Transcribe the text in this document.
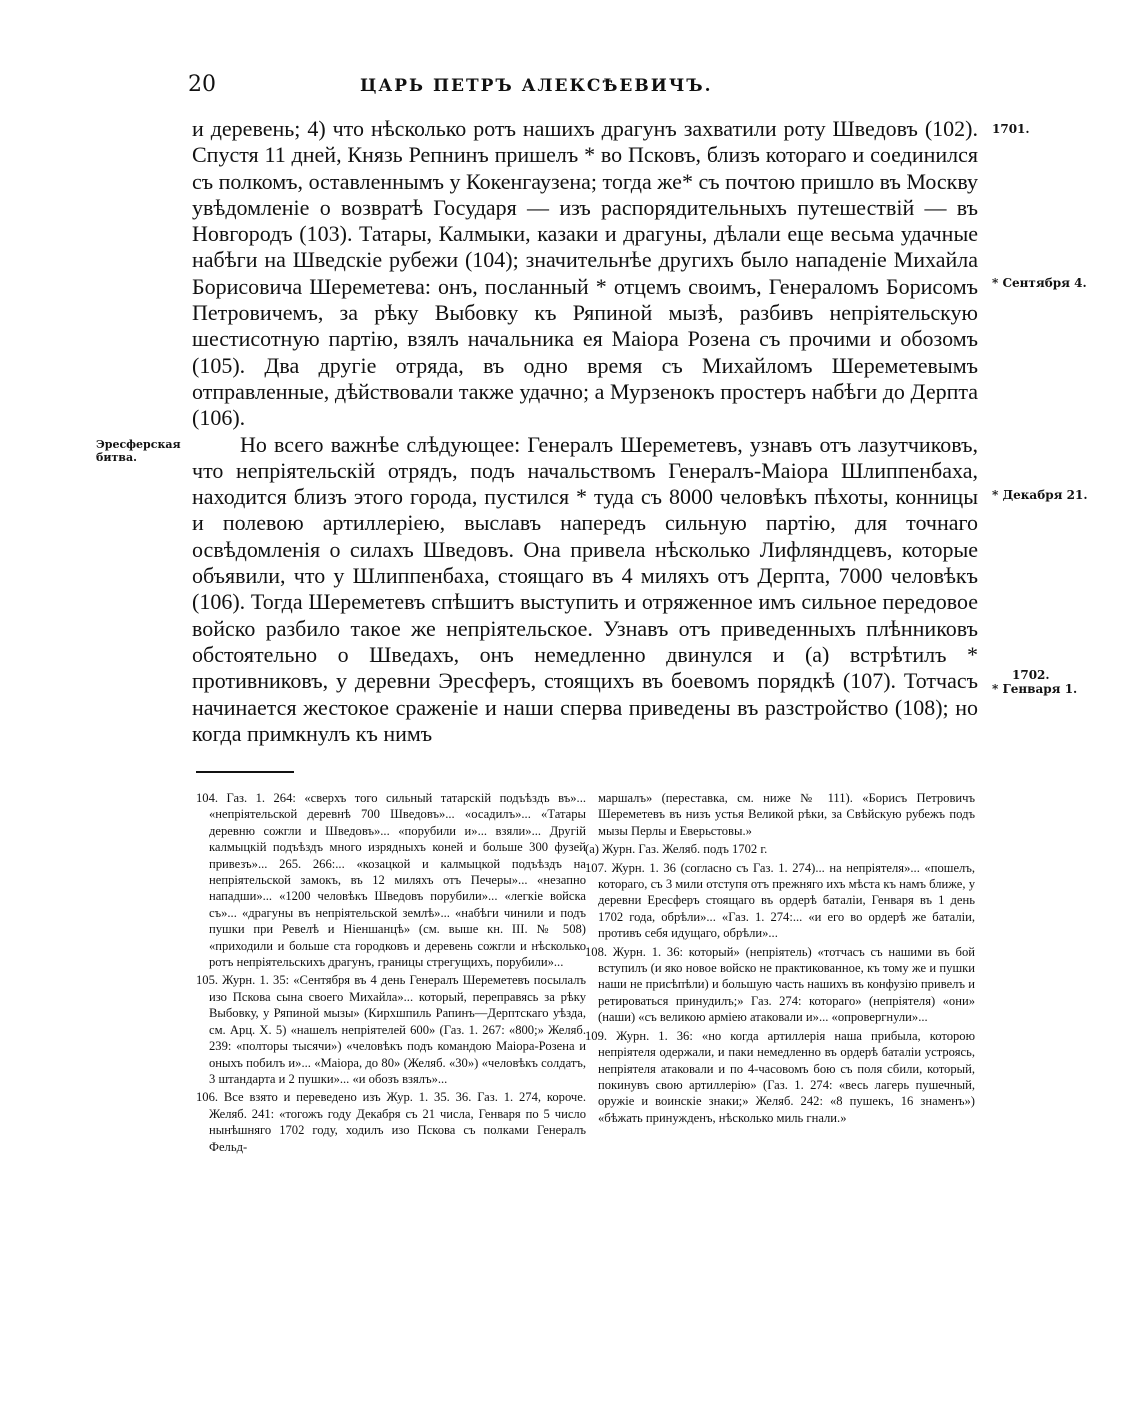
20	ЦАРЬ ПЕТРЪ АЛЕКСѢЕВИЧЪ.
1701.
* Сентября 4.
Эресферская битва.
* Декабря 21.
1702.
* Генваря 1.

и деревень; 4) что нѣсколько ротъ нашихъ драгунъ захватили роту Шведовъ (102). Спустя 11 дней, Князь Репнинъ пришелъ * во Псковъ, близъ котораго и соединился съ полкомъ, оставленнымъ у Кокенгаузена; тогда же* съ почтою пришло въ Москву увѣдомленіе о возвратѣ Государя — изъ распорядительныхъ путешествій — въ Новгородъ (103). Татары, Калмыки, казаки и драгуны, дѣлали еще весьма удачные набѣги на Шведскіе рубежи (104); значительнѣе другихъ было нападеніе Михайла Борисовича Шереметева: онъ, посланный * отцемъ своимъ, Генераломъ Борисомъ Петровичемъ, за рѣку Выбовку къ Ряпиной мызѣ, разбивъ непріятельскую шестисотную партію, взялъ начальника ея Маіора Розена съ прочими и обозомъ (105). Два другіе отряда, въ одно время съ Михайломъ Шереметевымъ отправленные, дѣйствовали также удачно; а Мурзенокъ простеръ набѣги до Дерпта (106).

Но всего важнѣе слѣдующее: Генералъ Шереметевъ, узнавъ отъ лазутчиковъ, что непріятельскій отрядъ, подъ начальствомъ Генералъ-Маіора Шлиппенбаха, находится близъ этого города, пустился * туда съ 8000 человѣкъ пѣхоты, конницы и полевою артиллеріею, выславъ напередъ сильную партію, для точнаго освѣдомленія о силахъ Шведовъ. Она привела нѣсколько Лифляндцевъ, которые объявили, что у Шлиппенбаха, стоящаго въ 4 миляхъ отъ Дерпта, 7000 человѣкъ (106). Тогда Шереметевъ спѣшитъ выступить и отряженное имъ сильное передовое войско разбило такое же непріятельское. Узнавъ отъ приведенныхъ плѣнниковъ обстоятельно о Шведахъ, онъ немедленно двинулся и (а) встрѣтилъ * противниковъ, у деревни Эресферъ, стоящихъ въ боевомъ порядкѣ (107). Тотчасъ начинается жестокое сраженіе и наши сперва приведены въ разстройство (108); но когда примкнулъ къ нимъ

104. Газ. 1. 264: «сверхъ того сильный татарскій подъѣздъ въ»... «непріятельской деревнѣ 700 Шведовъ»... «осадилъ»... «Татары деревню сожгли и Шведовъ»... «порубили и»... взяли»... Другій калмыцкій подъѣздъ много изрядныхъ коней и больше 300 фузей привезъ»... 265. 266:... «козацкой и калмыцкой подъѣздъ на непріятельской замокъ, въ 12 миляхъ отъ Печеры»... «незапно нападши»... «1200 человѣкъ Шведовъ порубили»... «легкіе войска съ»... «драгуны въ непріятельской землѣ»... «набѣги чинили и подъ пушки при Ревелѣ и Ніеншанцѣ» (см. выше кн. III. № 508) «приходили и больше ста городковъ и деревень сожгли и нѣсколько ротъ непріятельскихъ драгунъ, границы стрегущихъ, порубили»...

105. Журн. 1. 35: «Сентября въ 4 день Генералъ Шереметевъ посылалъ изо Пскова сына своего Михайла»... который, переправясь за рѣку Выбовку, у Ряпиной мызы» (Кирхшпиль Рапинъ—Дерптскаго уѣзда, см. Арц. X. 5) «нашелъ непріятелей 600» (Газ. 1. 267: «800;» Желяб. 239: «полторы тысячи») «человѣкъ подъ командою Маіора-Розена и оныхъ побилъ и»... «Маіора, до 80» (Желяб. «30») «человѣкъ солдатъ, 3 штандарта и 2 пушки»... «и обозъ взялъ»...

106. Все взято и переведено изъ Жур. 1. 35. 36. Газ. 1. 274, короче. Желяб. 241: «тогожъ году Декабря съ 21 числа, Генваря по 5 число нынѣшняго 1702 году, ходилъ изо Пскова съ полками Генералъ Фельд-

маршалъ» (переставка, см. ниже № 111). «Борисъ Петровичъ Шереметевъ въ низъ устья Великой рѣки, за Свѣйскую рубежъ подъ мызы Перлы и Еверьстовы.»

(а) Журн. Газ. Желяб. подъ 1702 г.

107. Журн. 1. 36 (согласно съ Газ. 1. 274)... на непріятеля»... «пошелъ, котораго, съ 3 мили отступя отъ прежняго ихъ мѣста къ намъ ближе, у деревни Ересферъ стоящаго въ ордерѣ баталіи, Генваря въ 1 день 1702 года, обрѣли»... «Газ. 1. 274:... «и его во ордерѣ же баталіи, противъ себя идущаго, обрѣли»...

108. Журн. 1. 36: который» (непріятель) «тотчасъ съ нашими въ бой вступилъ (и яко новое войско не практикованное, къ тому же и пушки наши не присѣпѣли) и большую часть нашихъ въ конфузію привелъ и ретироваться принудилъ;» Газ. 274: котораго» (непріятеля) «они» (наши) «съ великою арміею атаковали и»... «опровергнули»...

109. Журн. 1. 36: «но когда артиллерія наша прибыла, которою непріятеля одержали, и паки немедленно въ ордерѣ баталіи устроясь, непріятеля атаковали и по 4-часовомъ бою съ поля сбили, который, покинувъ свою артиллерію» (Газ. 1. 274: «весь лагерь пушечный, оружіе и воинскіе знаки;» Желяб. 242: «8 пушекъ, 16 знаменъ») «бѣжать принужденъ, нѣсколько миль гнали.»
